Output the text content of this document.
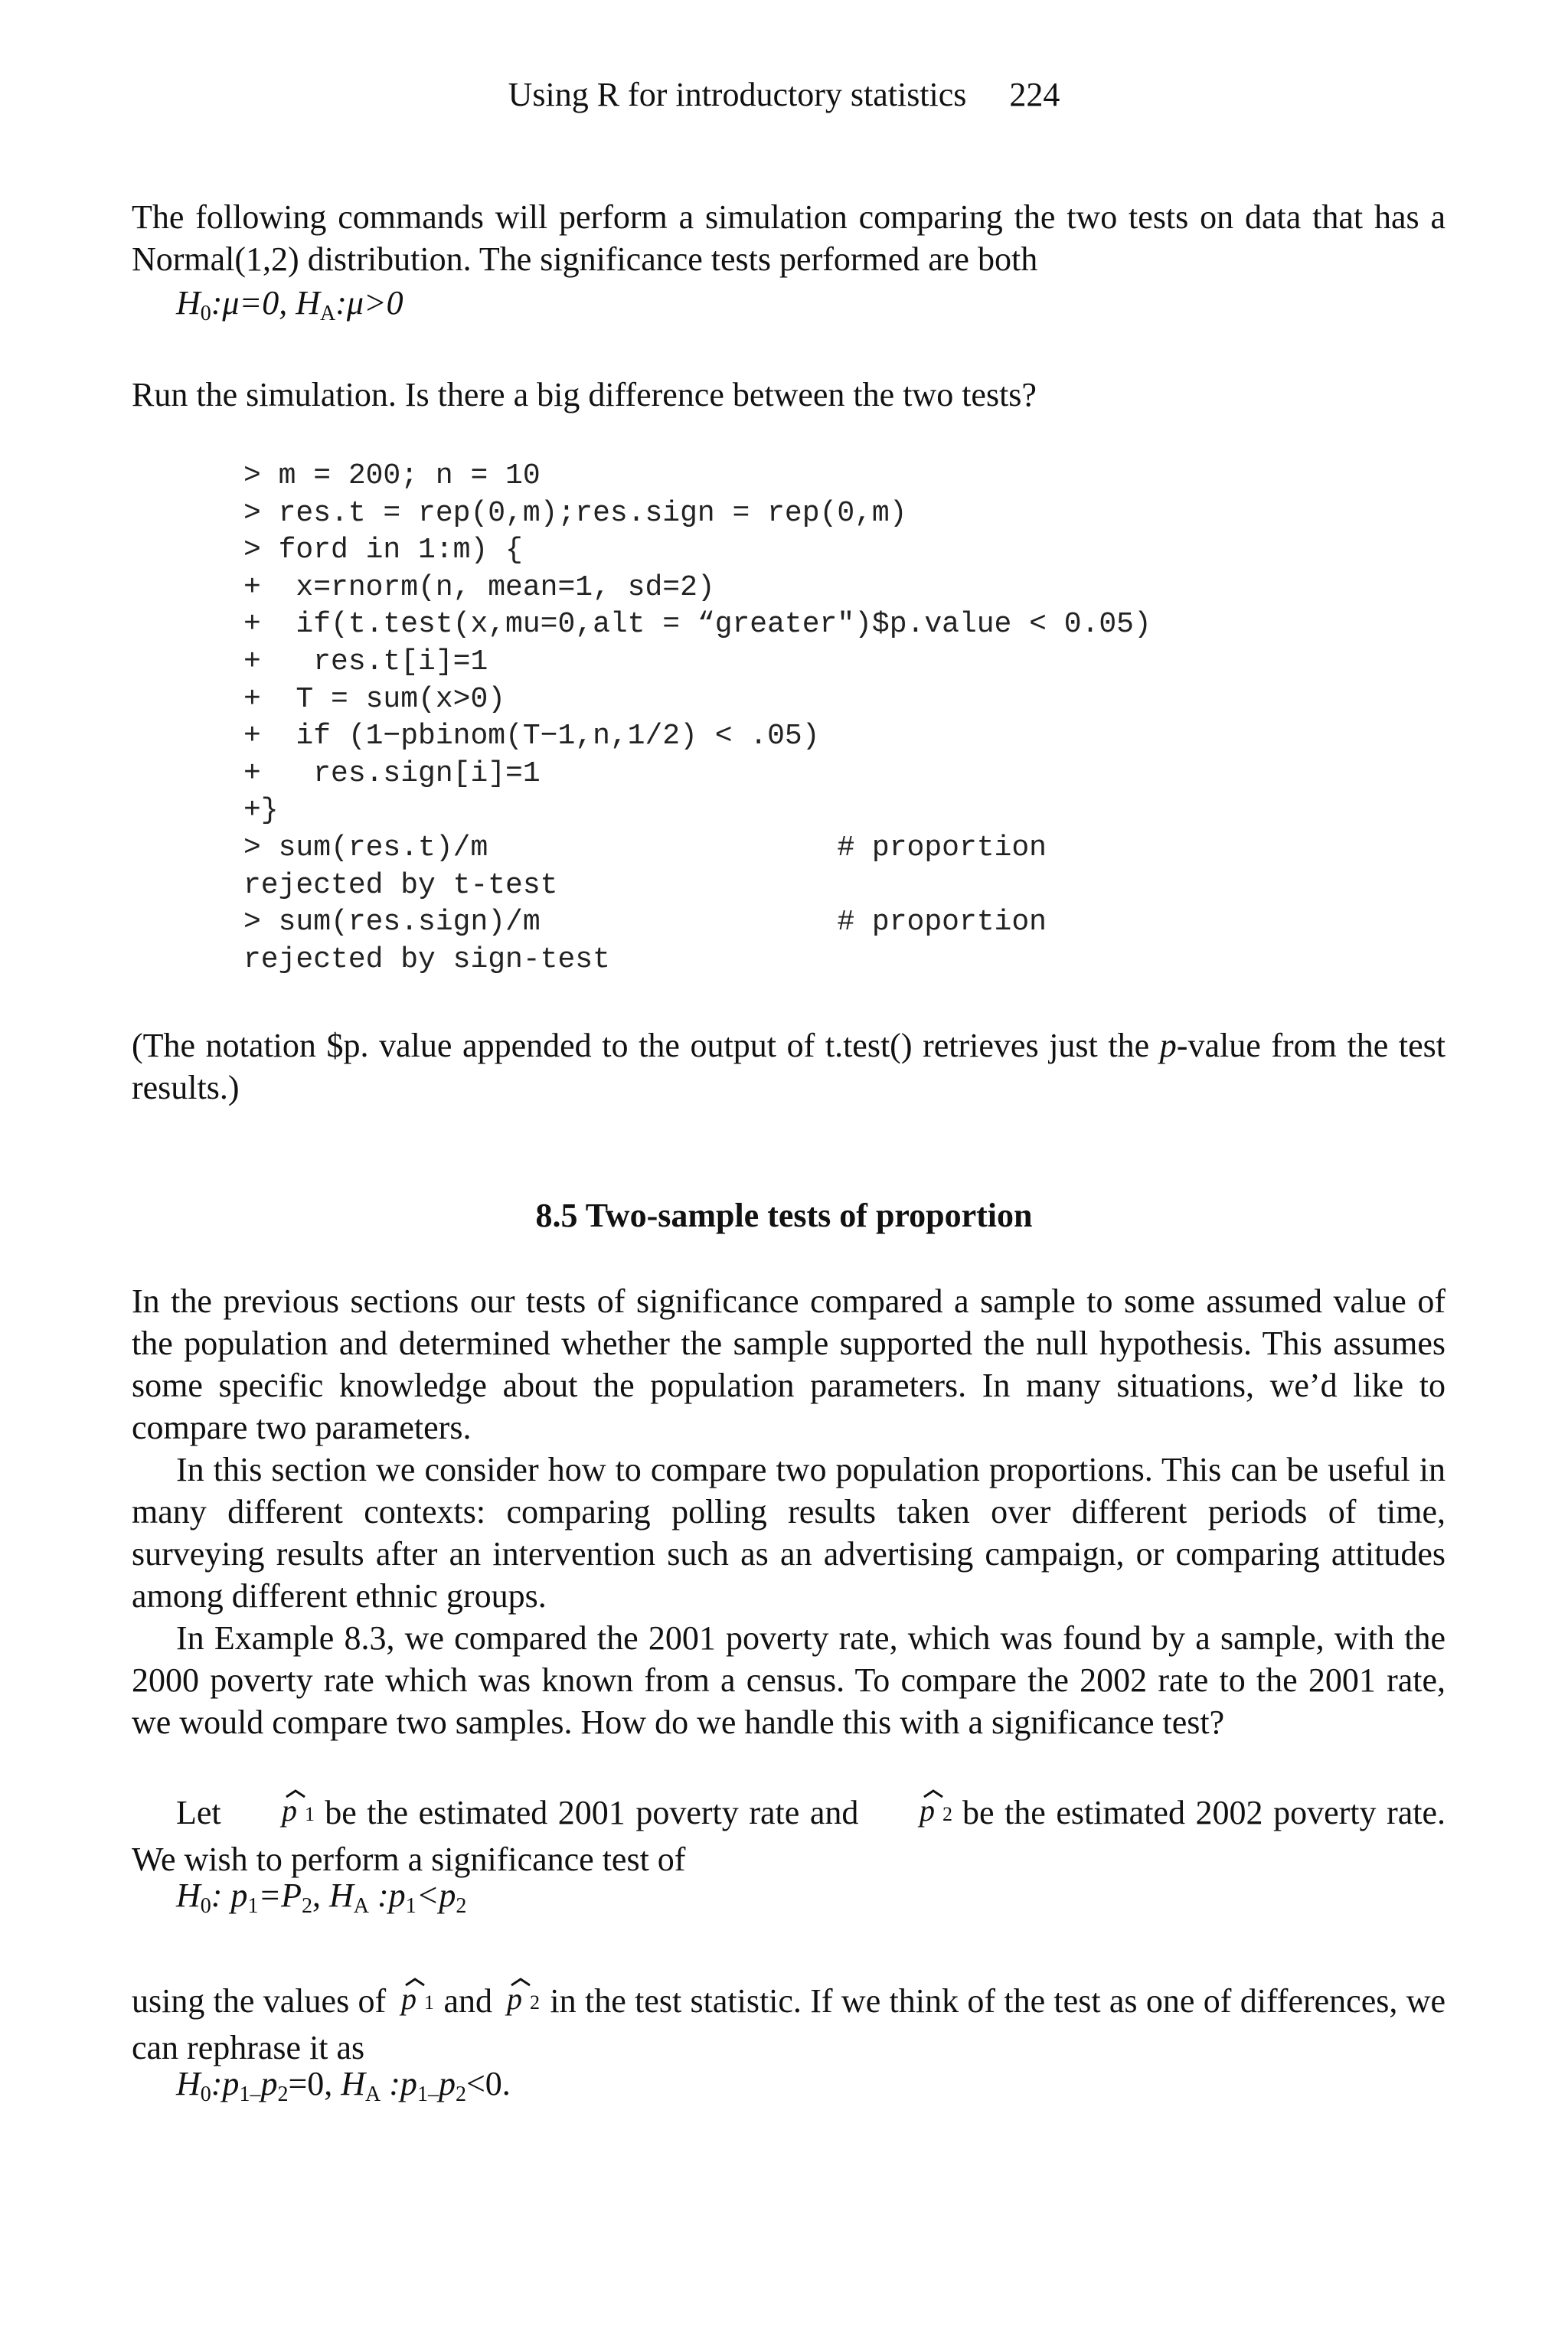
Using R for introductory statistics 224
The following commands will perform a simulation comparing the two tests on data that has a Normal(1,2) distribution. The significance tests performed are both
$H_0:\mu=0$, $H_A:\mu>0$
Run the simulation. Is there a big difference between the two tests?
> m = 200; n = 10
> res.t = rep(0,m);res.sign = rep(0,m)
> ford in 1:m) {
+  x=rnorm(n, mean=1, sd=2)
+  if(t.test(x,mu=0,alt = “greater")$p.value < 0.05)
+   res.t[i]=1
+  T = sum(x>0)
+  if (1−pbinom(T−1,n,1/2) < .05)
+   res.sign[i]=1
+}
> sum(res.t)/m                    # proportion
rejected by t-test
> sum(res.sign)/m                 # proportion
rejected by sign-test
(The notation $p. value appended to the output of t.test() retrieves just the p-value from the test results.)
8.5 Two-sample tests of proportion
In the previous sections our tests of significance compared a sample to some assumed value of the population and determined whether the sample supported the null hypothesis. This assumes some specific knowledge about the population parameters. In many situations, we’d like to compare two parameters.
In this section we consider how to compare two population proportions. This can be useful in many different contexts: comparing polling results taken over different periods of time, surveying results after an intervention such as an advertising campaign, or comparing attitudes among different ethnic groups.
In Example 8.3, we compared the 2001 poverty rate, which was found by a sample, with the 2000 poverty rate which was known from a census. To compare the 2002 rate to the 2001 rate, we would compare two samples. How do we handle this with a significance test?
Let p 1 be the estimated 2001 poverty rate and p 2 be the estimated 2002 poverty rate. We wish to perform a significance test of
$H_0$: $p_1=P_2$, $H_A$ $:p_1<p_2$
using the values of p 1 and p 2 in the test statistic. If we think of the test as one of differences, we can rephrase it as
$H_0:p_{1-}p_2=0$, $H_A$ $:p_{1-}p_2<0$.
